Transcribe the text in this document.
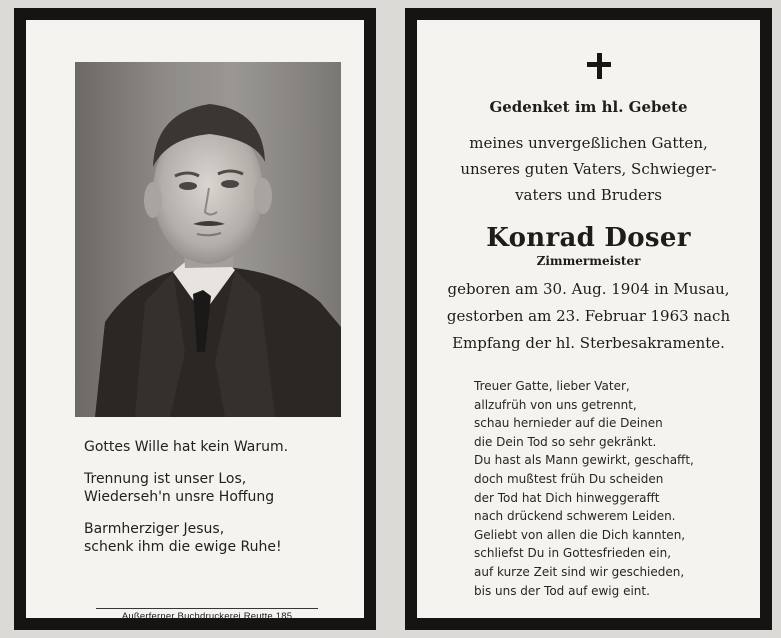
Gottes Wille hat kein Warum.
Trennung ist unser Los,
Wiederseh'n unsre Hoffung
Barmherziger Jesus,
schenk ihm die ewige Ruhe!
Außerferner Buchdruckerei Reutte 185
Gedenket im hl. Gebete
meines unvergeßlichen Gatten,
unseres guten Vaters, Schwieger-
vaters und Bruders
Konrad Doser
Zimmermeister
geboren am 30. Aug. 1904 in Musau,
gestorben am 23. Februar 1963 nach
Empfang der hl. Sterbesakramente.
Treuer Gatte, lieber Vater,
allzufrüh von uns getrennt,
schau hernieder auf die Deinen
die Dein Tod so sehr gekränkt.
Du hast als Mann gewirkt, geschafft,
doch mußtest früh Du scheiden
der Tod hat Dich hinweggerafft
nach drückend schwerem Leiden.
Geliebt von allen die Dich kannten,
schliefst Du in Gottesfrieden ein,
auf kurze Zeit sind wir geschieden,
bis uns der Tod auf ewig eint.
